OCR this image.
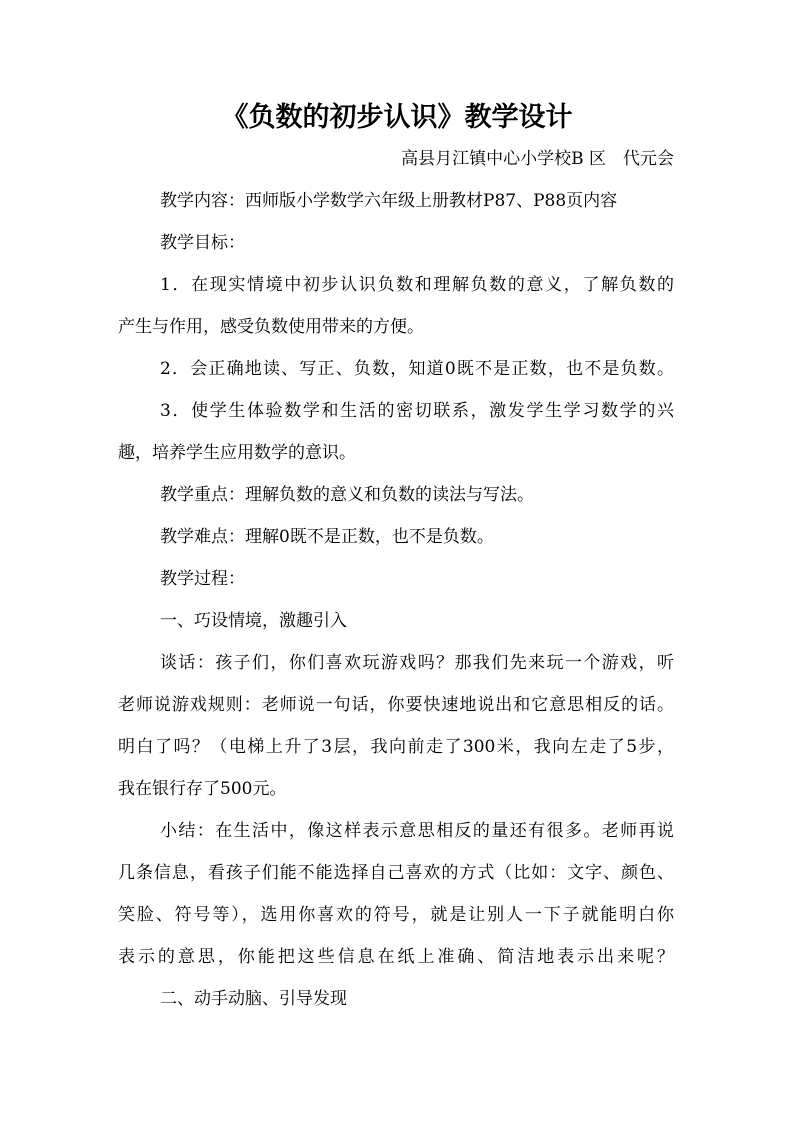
《负数的初步认识》教学设计
高县月江镇中心小学校B 区　代元会
教学内容：西师版小学数学六年级上册教材P87、P88页内容
教学目标：
1．在现实情境中初步认识负数和理解负数的意义，了解负数的
产生与作用，感受负数使用带来的方便。
2．会正确地读、写正、负数，知道0既不是正数，也不是负数。
3．使学生体验数学和生活的密切联系，激发学生学习数学的兴
趣，培养学生应用数学的意识。
教学重点：理解负数的意义和负数的读法与写法。
教学难点：理解0既不是正数，也不是负数。
教学过程：
一、巧设情境，激趣引入
谈话：孩子们，你们喜欢玩游戏吗？那我们先来玩一个游戏，听
老师说游戏规则：老师说一句话，你要快速地说出和它意思相反的话。
明白了吗？（电梯上升了3层，我向前走了300米，我向左走了5步，
我在银行存了500元。
小结：在生活中，像这样表示意思相反的量还有很多。老师再说
几条信息，看孩子们能不能选择自己喜欢的方式（比如：文字、颜色、
笑脸、符号等），选用你喜欢的符号，就是让别人一下子就能明白你
表示的意思，你能把这些信息在纸上准确、简洁地表示出来呢？
二、动手动脑、引导发现
